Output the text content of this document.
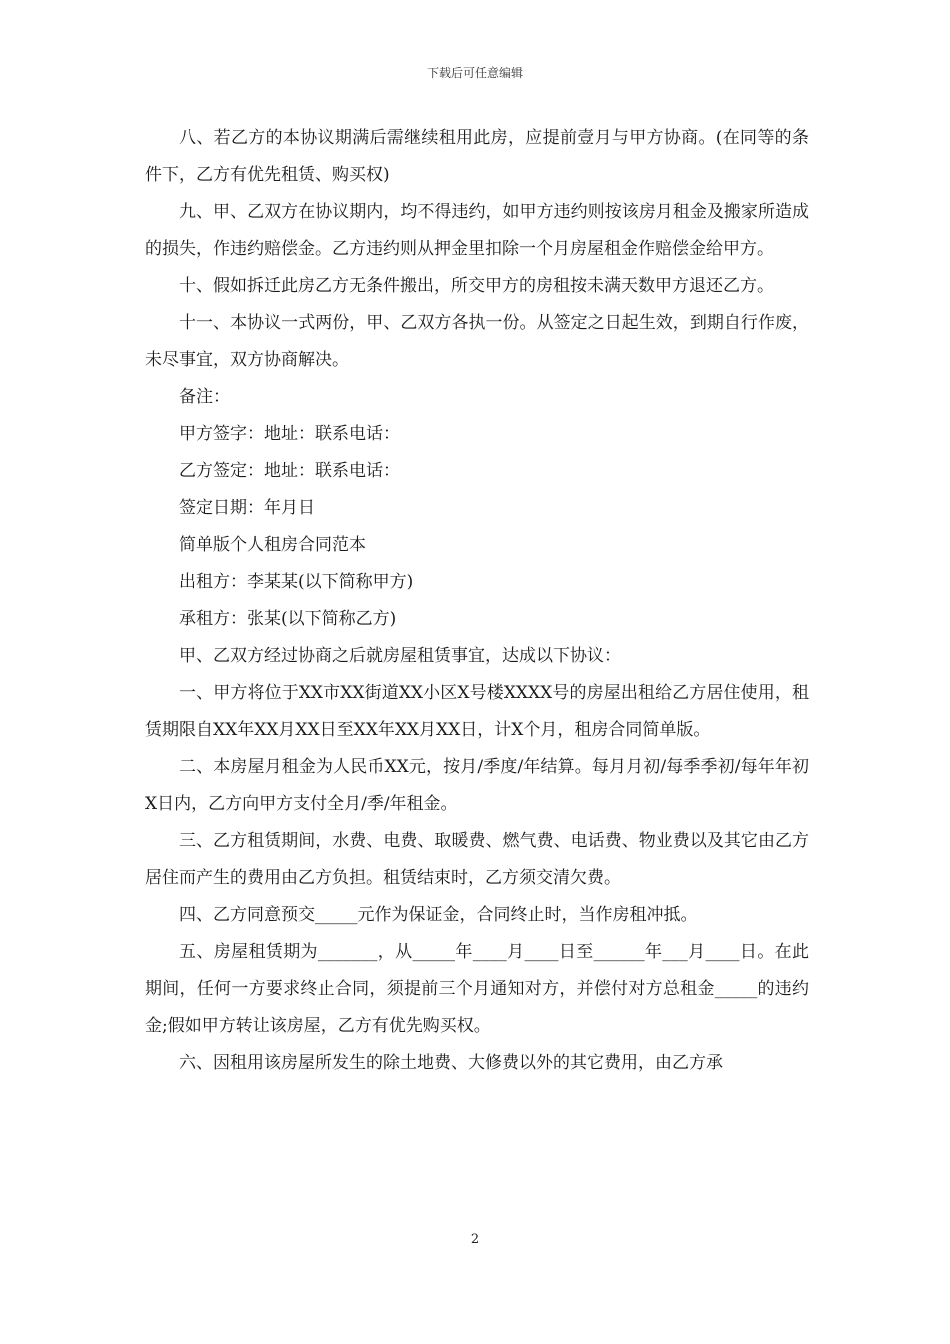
下载后可任意编辑

八、若乙方的本协议期满后需继续租用此房，应提前壹月与甲方协商。(在同等的条件下，乙方有优先租赁、购买权)

九、甲、乙双方在协议期内，均不得违约，如甲方违约则按该房月租金及搬家所造成的损失，作违约赔偿金。乙方违约则从押金里扣除一个月房屋租金作赔偿金给甲方。

十、假如拆迁此房乙方无条件搬出，所交甲方的房租按未满天数甲方退还乙方。

十一、本协议一式两份，甲、乙双方各执一份。从签定之日起生效，到期自行作废，未尽事宜，双方协商解决。

备注：

甲方签字：地址：联系电话：

乙方签定：地址：联系电话：

签定日期：年月日

简单版个人租房合同范本

出租方：李某某(以下简称甲方)

承租方：张某(以下简称乙方)

甲、乙双方经过协商之后就房屋租赁事宜，达成以下协议：

一、甲方将位于XX市XX街道XX小区X号楼XXXX号的房屋出租给乙方居住使用，租赁期限自XX年XX月XX日至XX年XX月XX日，计X个月，租房合同简单版。

二、本房屋月租金为人民币XX元，按月/季度/年结算。每月月初/每季季初/每年年初X日内，乙方向甲方支付全月/季/年租金。

三、乙方租赁期间，水费、电费、取暖费、燃气费、电话费、物业费以及其它由乙方居住而产生的费用由乙方负担。租赁结束时，乙方须交清欠费。

四、乙方同意预交_____元作为保证金，合同终止时，当作房租冲抵。

五、房屋租赁期为_______，从_____年____月____日至______年___月____日。在此期间，任何一方要求终止合同，须提前三个月通知对方，并偿付对方总租金_____的违约金;假如甲方转让该房屋，乙方有优先购买权。

六、因租用该房屋所发生的除土地费、大修费以外的其它费用，由乙方承

2
